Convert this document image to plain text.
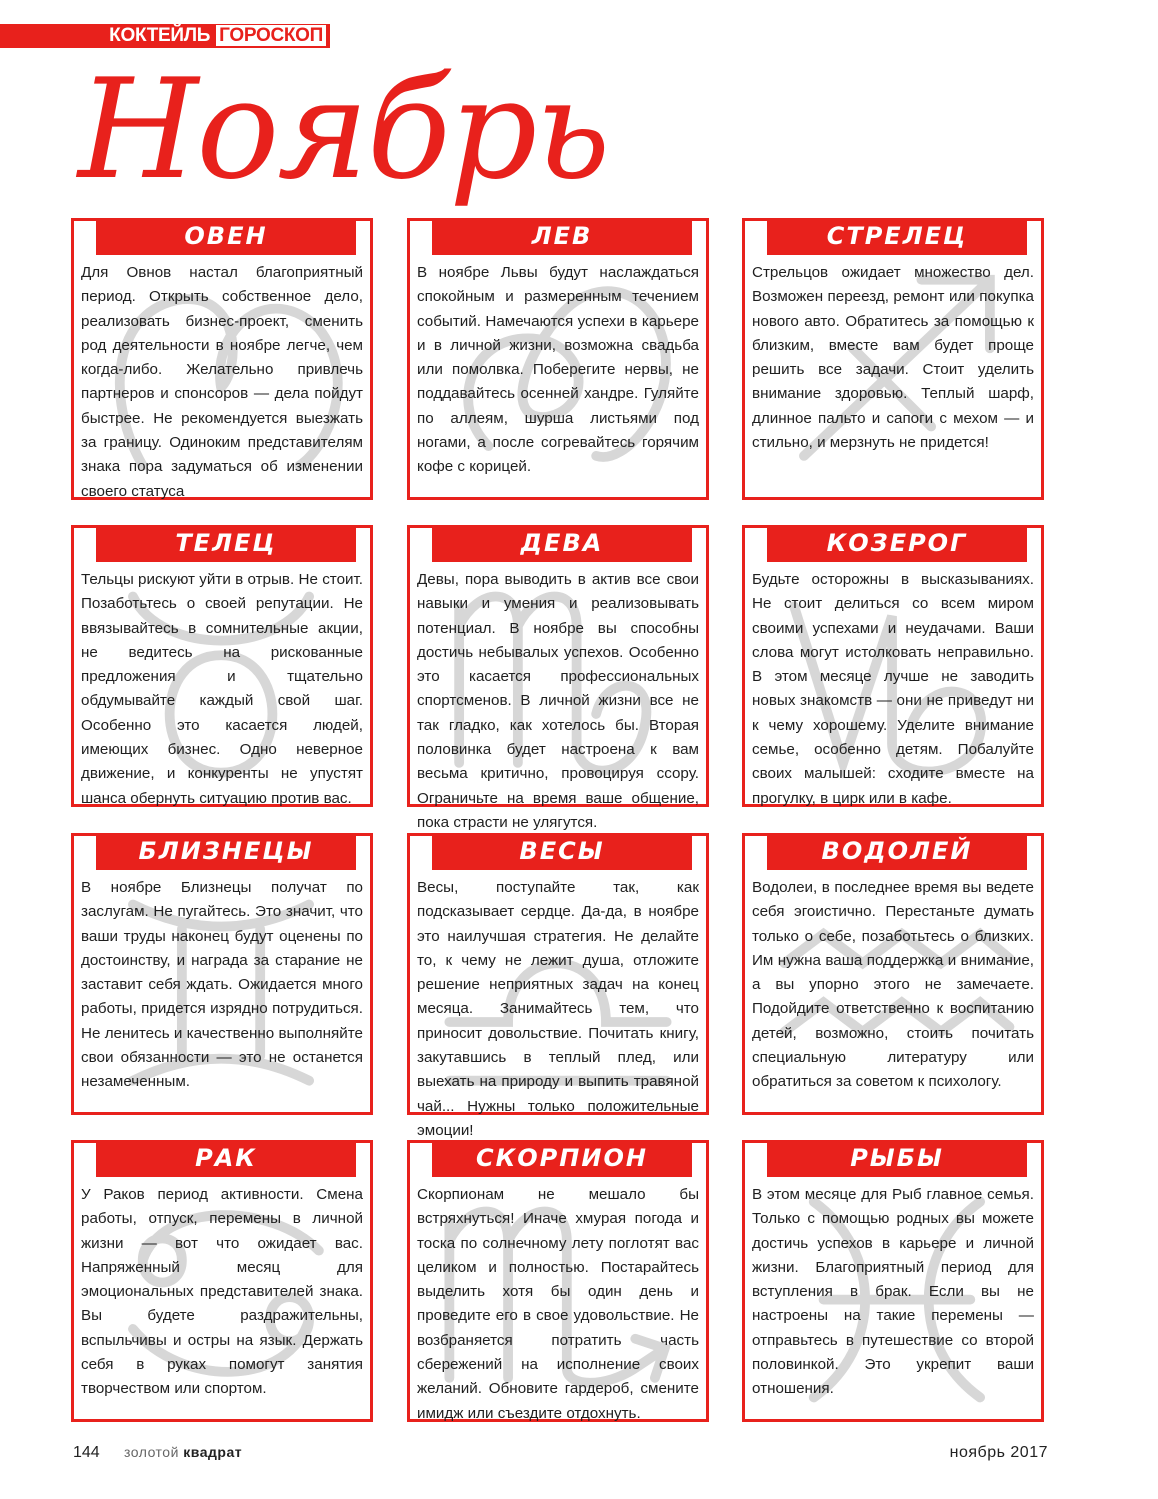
КОКТЕЙЛЬ ГОРОСКОП
Ноябрь
ОВЕН
Для Овнов настал благоприятный период. Открыть собственное дело, реализовать бизнес-проект, сменить род деятельности в ноябре легче, чем когда-либо. Желательно привлечь партнеров и спонсоров — дела пойдут быстрее. Не рекомендуется выезжать за границу. Одиноким представителям знака пора задуматься об изменении своего статуса
ЛЕВ
В ноябре Львы будут наслаждаться спокойным и размеренным течением событий. Намечаются успехи в карьере и в личной жизни, возможна свадьба или помолвка. Поберегите нервы, не поддавайтесь осенней хандре. Гуляйте по аллеям, шурша листьями под ногами, а после согревайтесь горячим кофе с корицей.
СТРЕЛЕЦ
Стрельцов ожидает множество дел. Возможен переезд, ремонт или покупка нового авто. Обратитесь за помощью к близким, вместе вам будет проще решить все задачи. Стоит уделить внимание здоровью. Теплый шарф, длинное пальто и сапоги с мехом — и стильно, и мерзнуть не придется!
ТЕЛЕЦ
Тельцы рискуют уйти в отрыв. Не стоит. Позаботьтесь о своей репутации. Не ввязывайтесь в сомнительные акции, не ведитесь на рискованные предложения и тщательно обдумывайте каждый свой шаг. Особенно это касается людей, имеющих бизнес. Одно неверное движение, и конкуренты не упустят шанса обернуть ситуацию против вас.
ДЕВА
Девы, пора выводить в актив все свои навыки и умения и реализовывать потенциал. В ноябре вы способны достичь небывалых успехов. Особенно это касается профессиональных спортсменов. В личной жизни все не так гладко, как хотелось бы. Вторая половинка будет настроена к вам весьма критично, провоцируя ссору. Ограничьте на время ваше общение, пока страсти не улягутся.
КОЗЕРОГ
Будьте осторожны в высказываниях. Не стоит делиться со всем миром своими успехами и неудачами. Ваши слова могут истолковать неправильно. В этом месяце лучше не заводить новых знакомств — они не приведут ни к чему хорошему. Уделите внимание семье, особенно детям. Побалуйте своих малышей: сходите вместе на прогулку, в цирк или в кафе.
БЛИЗНЕЦЫ
В ноябре Близнецы получат по заслугам. Не пугайтесь. Это значит, что ваши труды наконец будут оценены по достоинству, и награда за старание не заставит себя ждать. Ожидается много работы, придется изрядно потрудиться. Не ленитесь и качественно выполняйте свои обязанности — это не останется незамеченным.
ВЕСЫ
Весы, поступайте так, как подсказывает сердце. Да-да, в ноябре это наилучшая стратегия. Не делайте то, к чему не лежит душа, отложите решение неприятных задач на конец месяца. Занимайтесь тем, что приносит довольствие. Почитать книгу, закутавшись в теплый плед, или выехать на природу и выпить травяной чай... Нужны только положительные эмоции!
ВОДОЛЕЙ
Водолеи, в последнее время вы ведете себя эгоистично. Перестаньте думать только о себе, позаботьтесь о близких. Им нужна ваша поддержка и внимание, а вы упорно этого не замечаете. Подойдите ответственно к воспитанию детей, возможно, стоить почитать специальную литературу или обратиться за советом к психологу.
РАК
У Раков период активности. Смена работы, отпуск, перемены в личной жизни — вот что ожидает вас. Напряженный месяц для эмоциональных представителей знака. Вы будете раздражительны, вспыльчивы и остры на язык. Держать себя в руках помогут занятия творчеством или спортом.
СКОРПИОН
Скорпионам не мешало бы встряхнуться! Иначе хмурая погода и тоска по солнечному лету поглотят вас целиком и полностью. Постарайтесь выделить хотя бы один день и проведите его в свое удовольствие. Не возбраняется потратить часть сбережений на исполнение своих желаний. Обновите гардероб, смените имидж или съездите отдохнуть.
РЫБЫ
В этом месяце для Рыб главное семья. Только с помощью родных вы можете достичь успехов в карьере и личной жизни. Благоприятный период для вступления в брак. Если вы не настроены на такие перемены — отправьтесь в путешествие со второй половинкой. Это укрепит ваши отношения.
144 золотой квадрат	ноябрь 2017
